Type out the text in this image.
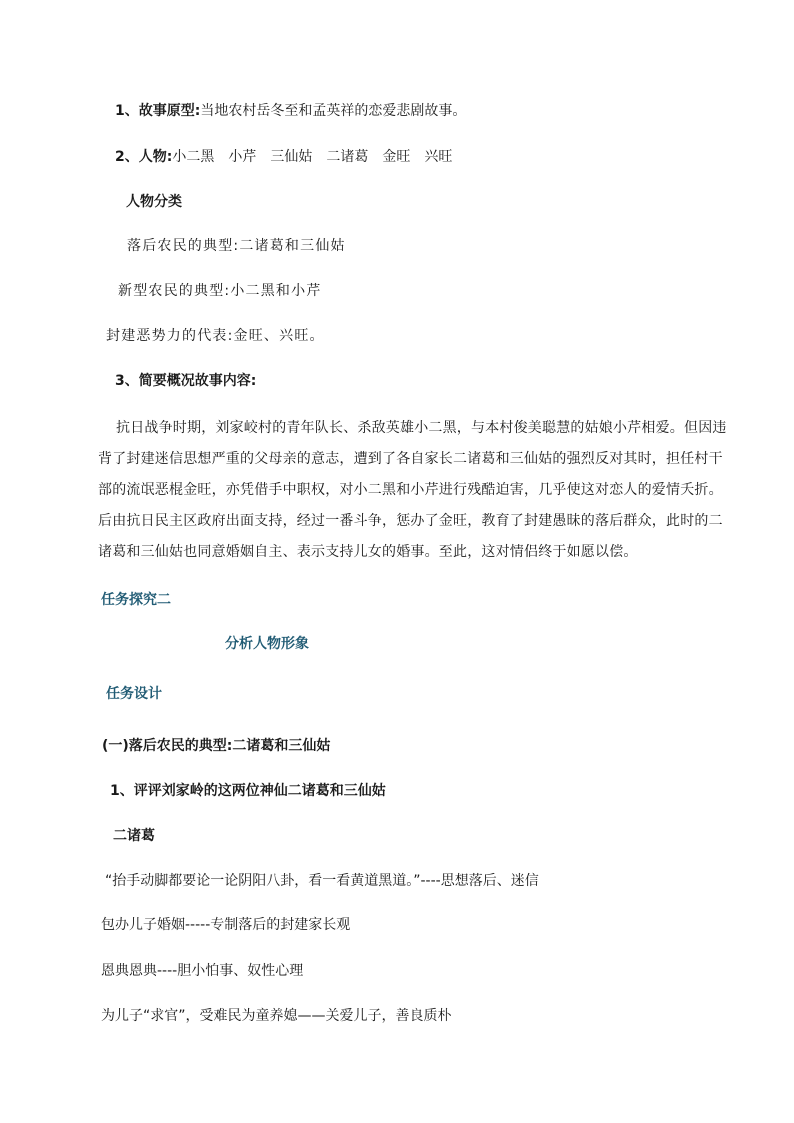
1、故事原型:当地农村岳冬至和孟英祥的恋爱悲剧故事。
2、人物:小二黑　小芹　三仙姑　二诸葛　金旺　兴旺
人物分类
落后农民的典型:二诸葛和三仙姑
新型农民的典型:小二黑和小芹
封建恶势力的代表:金旺、兴旺。
3、简要概况故事内容:
抗日战争时期，刘家峧村的青年队长、杀敌英雄小二黑，与本村俊美聪慧的姑娘小芹相爱。但因违背了封建迷信思想严重的父母亲的意志，遭到了各自家长二诸葛和三仙姑的强烈反对其时，担任村干部的流氓恶棍金旺，亦凭借手中职权，对小二黑和小芹进行残酷迫害，几乎使这对恋人的爱情夭折。后由抗日民主区政府出面支持，经过一番斗争，惩办了金旺，教育了封建愚昧的落后群众，此时的二诸葛和三仙姑也同意婚姻自主、表示支持儿女的婚事。至此，这对情侣终于如愿以偿。
任务探究二
分析人物形象
任务设计
(一)落后农民的典型:二诸葛和三仙姑
1、评评刘家岭的这两位神仙二诸葛和三仙姑
二诸葛
“抬手动脚都要论一论阴阳八卦，看一看黄道黑道。”----思想落后、迷信
包办儿子婚姻-----专制落后的封建家长观
恩典恩典----胆小怕事、奴性心理
为儿子“求官”，受难民为童养媳——关爱儿子，善良质朴
